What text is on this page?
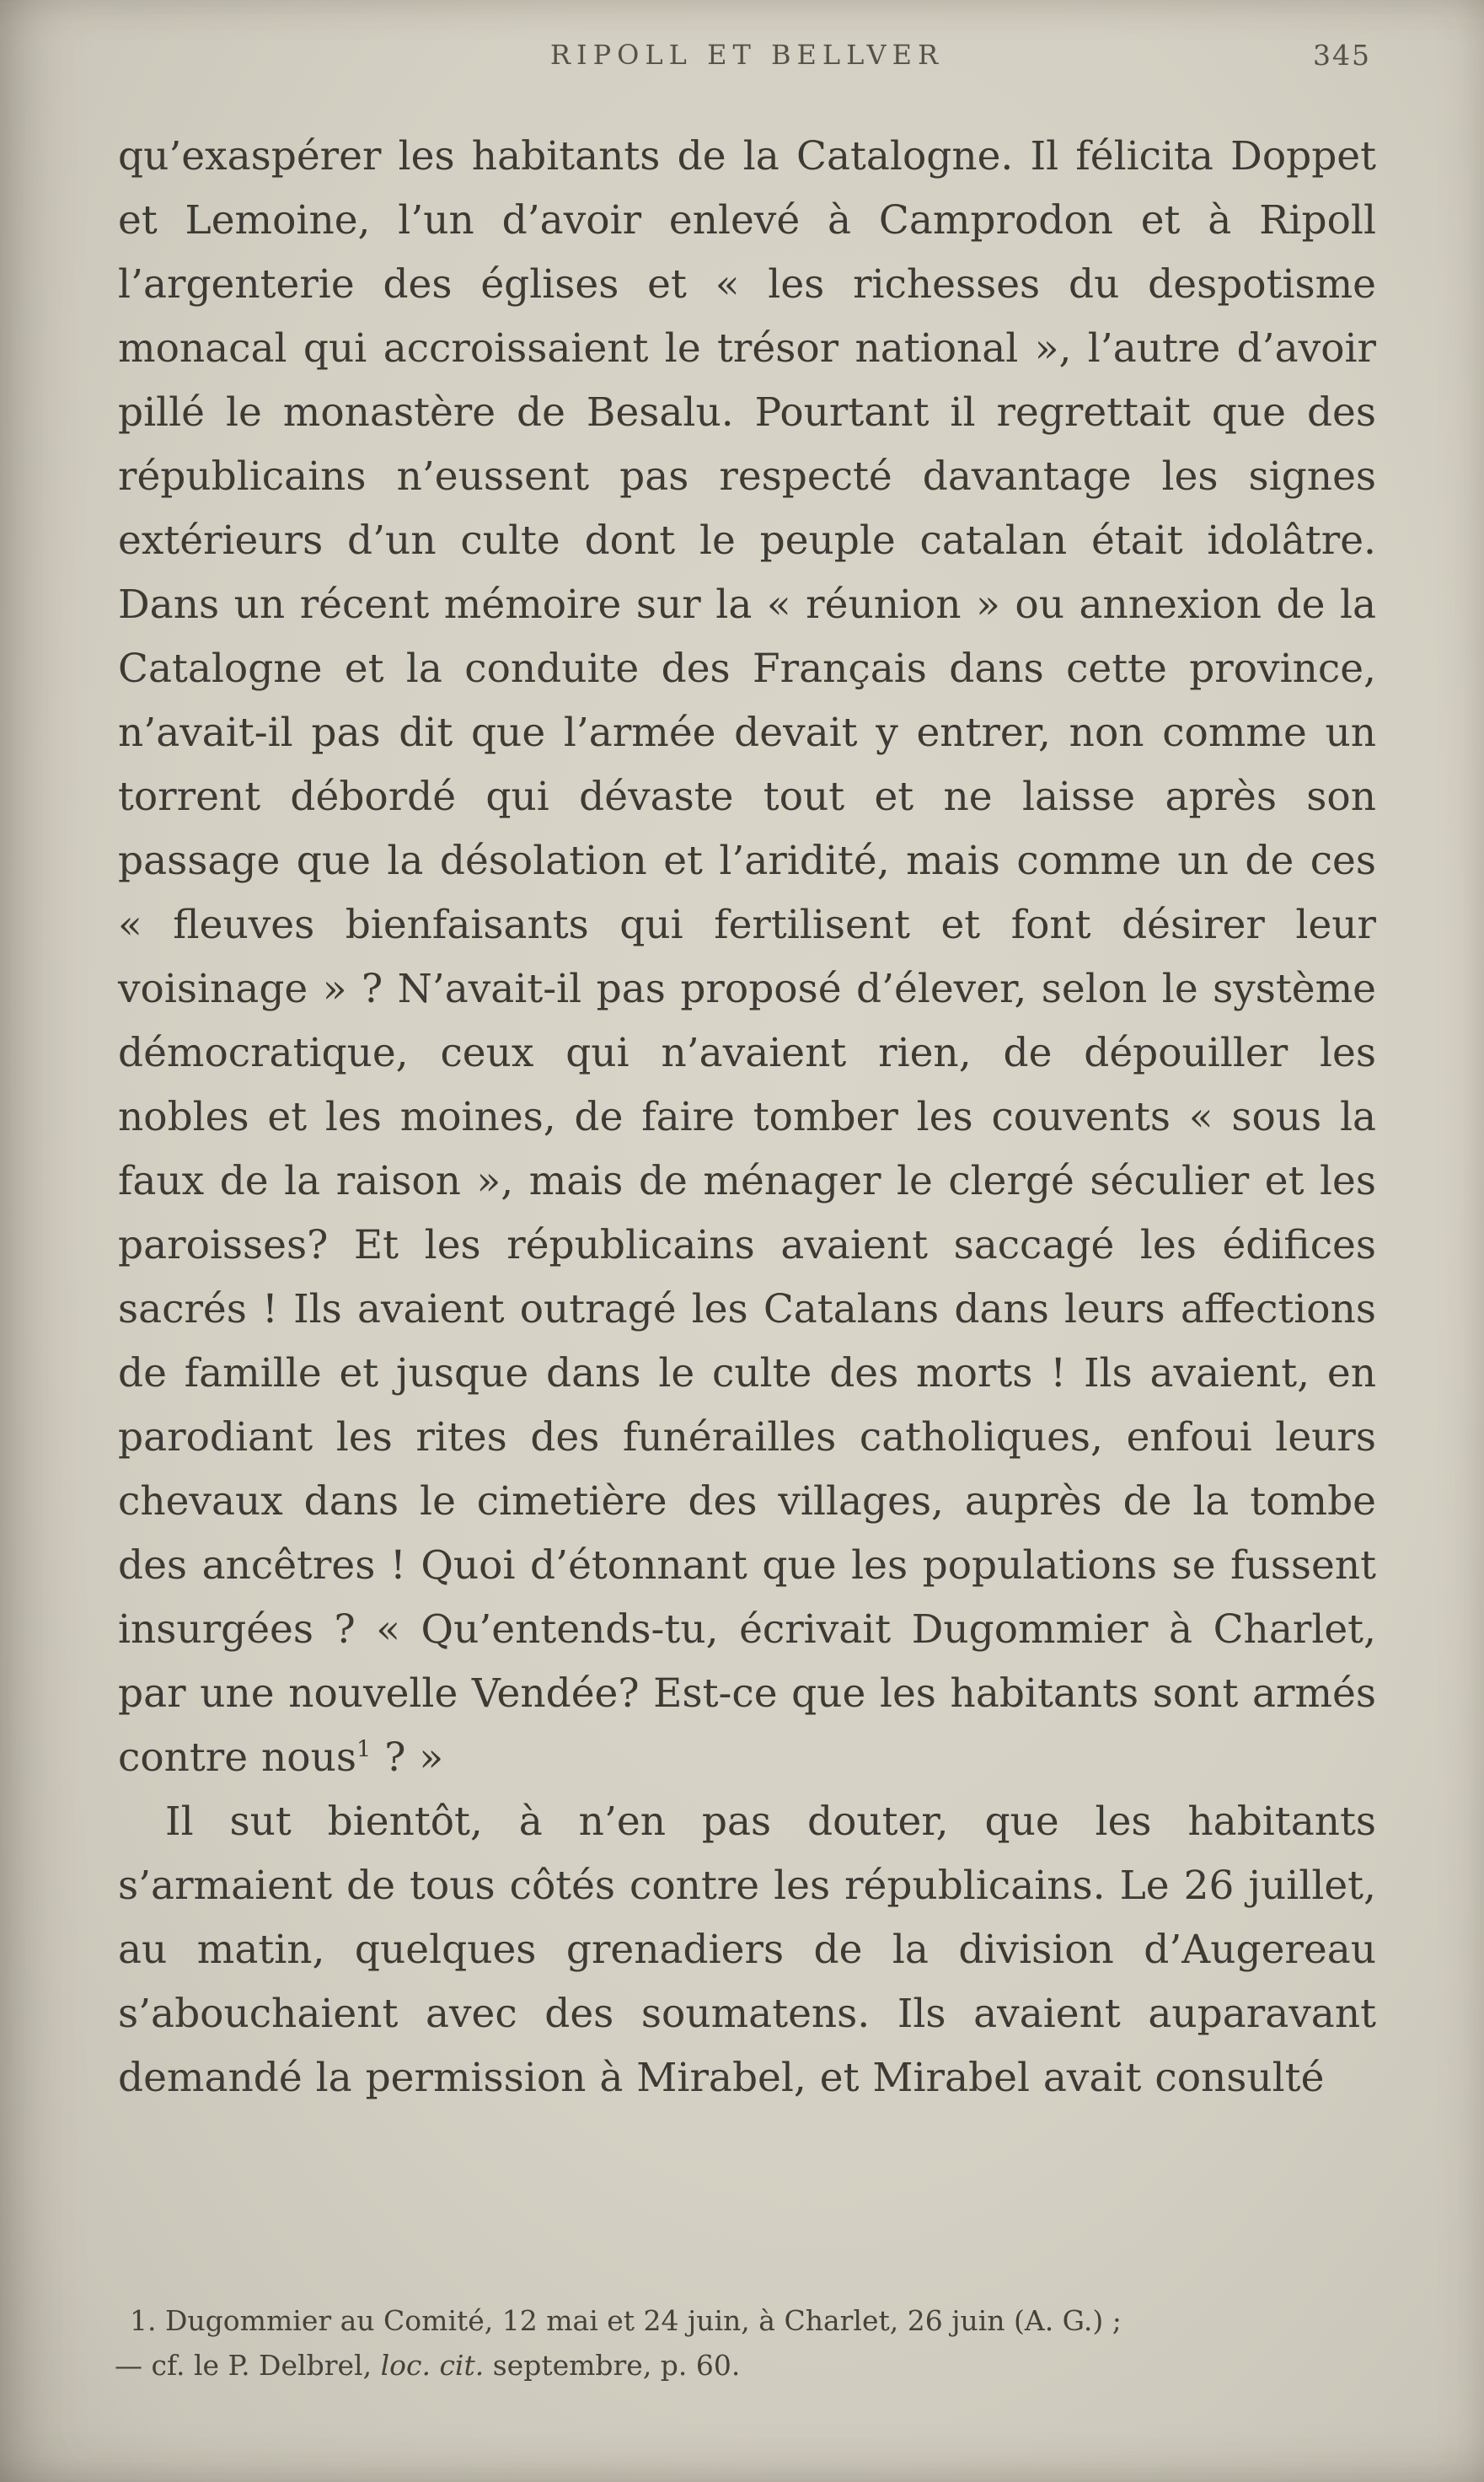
345
RIPOLL ET BELLVER

qu’exaspérer les habitants de la Catalogne. Il félicita Doppet et Lemoine, l’un d’avoir enlevé à Camprodon et à Ripoll l’argenterie des églises et « les richesses du despotisme monacal qui accroissaient le trésor national », l’autre d’avoir pillé le monastère de Besalu. Pourtant il regrettait que des républicains n’eussent pas respecté davantage les signes extérieurs d’un culte dont le peuple catalan était idolâtre. Dans un récent mémoire sur la « réunion » ou annexion de la Catalogne et la conduite des Français dans cette province, n’avait-il pas dit que l’armée devait y entrer, non comme un torrent débordé qui dévaste tout et ne laisse après son passage que la désolation et l’aridité, mais comme un de ces « fleuves bienfaisants qui fertilisent et font désirer leur voisinage » ? N’avait-il pas proposé d’élever, selon le système démocratique, ceux qui n’avaient rien, de dépouiller les nobles et les moines, de faire tomber les couvents « sous la faux de la raison », mais de ménager le clergé séculier et les paroisses? Et les républicains avaient saccagé les édifices sacrés ! Ils avaient outragé les Catalans dans leurs affections de famille et jusque dans le culte des morts ! Ils avaient, en parodiant les rites des funérailles catholiques, enfoui leurs chevaux dans le cimetière des villages, auprès de la tombe des ancêtres ! Quoi d’étonnant que les populations se fussent insurgées ? « Qu’entends-tu, écrivait Dugommier à Charlet, par une nouvelle Vendée? Est-ce que les habitants sont armés contre nous$^1$ ? »

Il sut bientôt, à n’en pas douter, que les habitants s’armaient de tous côtés contre les républicains. Le 26 juillet, au matin, quelques grenadiers de la division d’Augereau s’abouchaient avec des soumatens. Ils avaient auparavant demandé la permission à Mirabel, et Mirabel avait consulté

1. Dugommier au Comité, 12 mai et 24 juin, à Charlet, 26 juin (A. G.) ;
— cf. le P. Delbrel, loc. cit. septembre, p. 60.
